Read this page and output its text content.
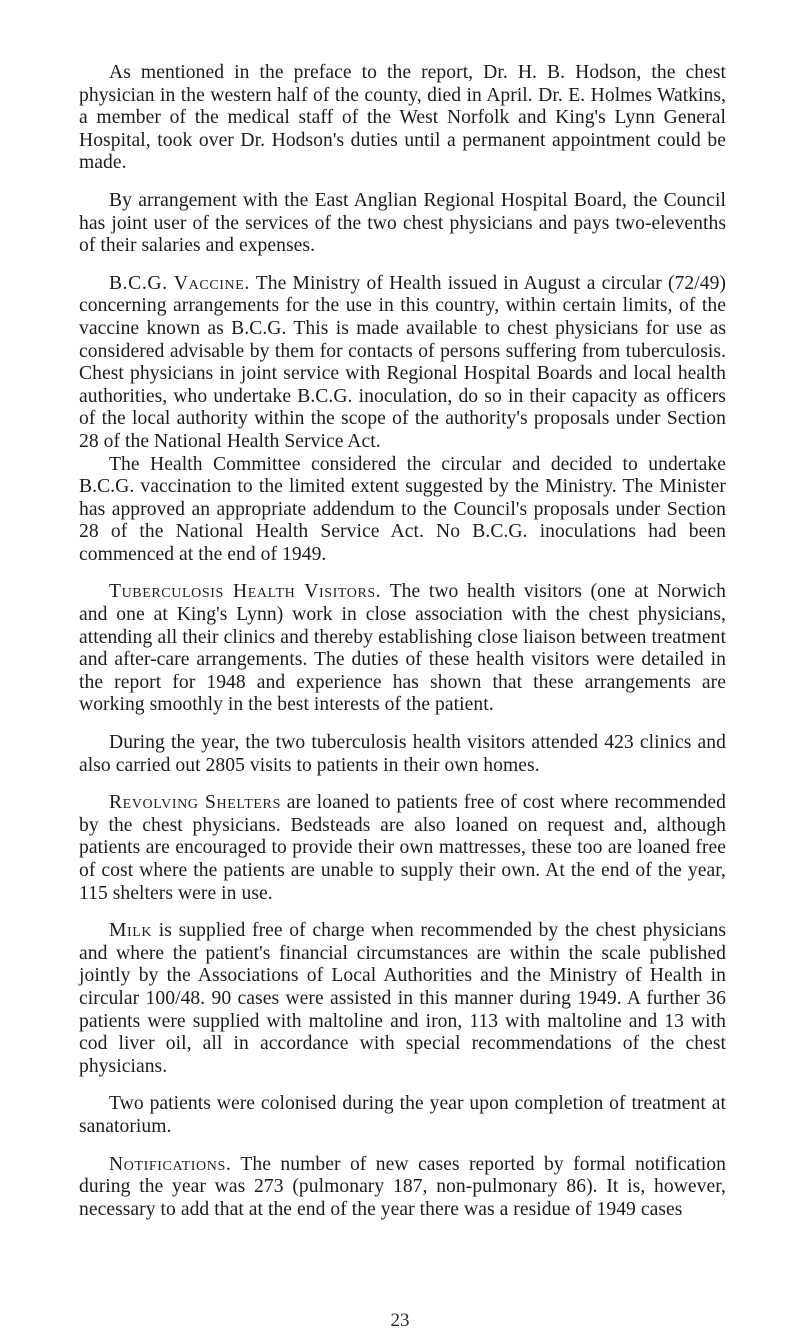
As mentioned in the preface to the report, Dr. H. B. Hodson, the chest physician in the western half of the county, died in April. Dr. E. Holmes Watkins, a member of the medical staff of the West Norfolk and King's Lynn General Hospital, took over Dr. Hodson's duties until a permanent appointment could be made.

By arrangement with the East Anglian Regional Hospital Board, the Council has joint user of the services of the two chest physicians and pays two-elevenths of their salaries and expenses.

B.C.G. Vaccine. The Ministry of Health issued in August a circular (72/49) concerning arrangements for the use in this country, within certain limits, of the vaccine known as B.C.G. This is made available to chest physicians for use as considered advisable by them for contacts of persons suffering from tuberculosis. Chest physicians in joint service with Regional Hospital Boards and local health authorities, who undertake B.C.G. inoculation, do so in their capacity as officers of the local authority within the scope of the authority's proposals under Section 28 of the National Health Service Act.

The Health Committee considered the circular and decided to undertake B.C.G. vaccination to the limited extent suggested by the Ministry. The Minister has approved an appropriate addendum to the Council's proposals under Section 28 of the National Health Service Act. No B.C.G. inoculations had been commenced at the end of 1949.

Tuberculosis Health Visitors. The two health visitors (one at Norwich and one at King's Lynn) work in close association with the chest physicians, attending all their clinics and thereby establishing close liaison between treatment and after-care arrangements. The duties of these health visitors were detailed in the report for 1948 and experience has shown that these arrangements are working smoothly in the best interests of the patient.

During the year, the two tuberculosis health visitors attended 423 clinics and also carried out 2805 visits to patients in their own homes.

Revolving Shelters are loaned to patients free of cost where recommended by the chest physicians. Bedsteads are also loaned on request and, although patients are encouraged to provide their own mattresses, these too are loaned free of cost where the patients are unable to supply their own. At the end of the year, 115 shelters were in use.

Milk is supplied free of charge when recommended by the chest physicians and where the patient's financial circumstances are within the scale published jointly by the Associations of Local Authorities and the Ministry of Health in circular 100/48. 90 cases were assisted in this manner during 1949. A further 36 patients were supplied with maltoline and iron, 113 with maltoline and 13 with cod liver oil, all in accordance with special recommendations of the chest physicians.

Two patients were colonised during the year upon completion of treatment at sanatorium.

Notifications. The number of new cases reported by formal notification during the year was 273 (pulmonary 187, non-pulmonary 86). It is, however, necessary to add that at the end of the year there was a residue of 1949 cases

23
